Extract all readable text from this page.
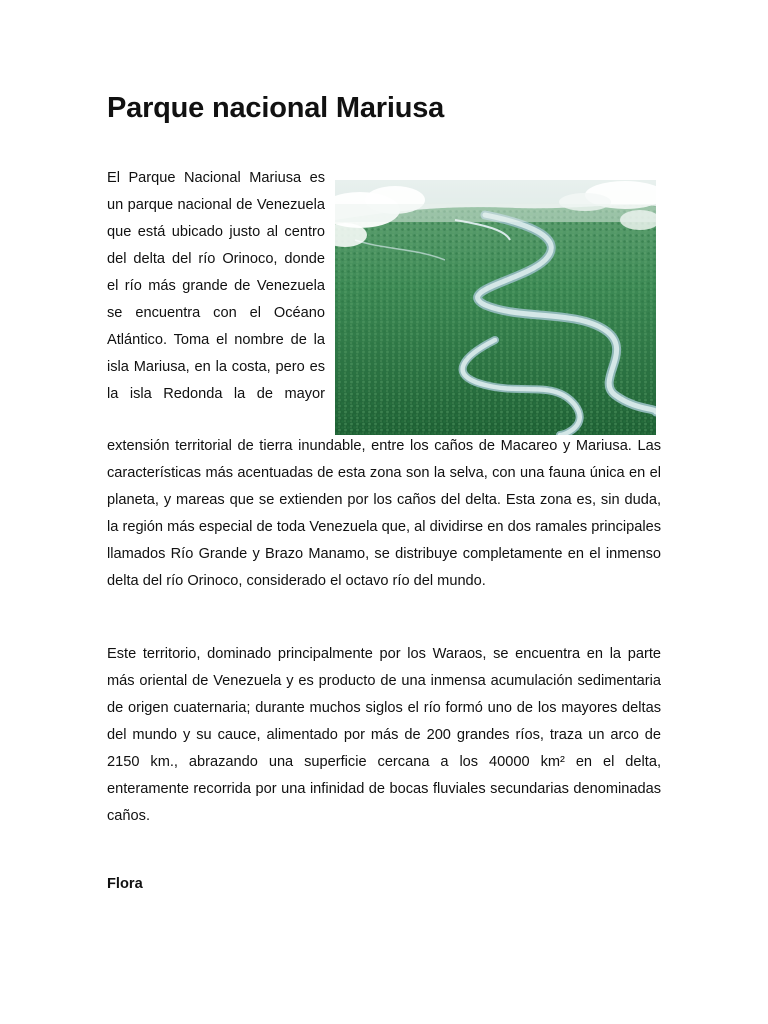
Parque nacional Mariusa

El Parque Nacional Mariusa es un parque nacional de Venezuela que está ubicado justo al centro del delta del río Orinoco, donde el río más grande de Venezuela se encuentra con el Océano Atlántico. Toma el nombre de la isla Mariusa, en la costa, pero es la isla Redonda la de mayor

extensión territorial de tierra inundable, entre los caños de Macareo y Mariusa. Las características más acentuadas de esta zona son la selva, con una fauna única en el planeta, y mareas que se extienden por los caños del delta. Esta zona es, sin duda, la región más especial de toda Venezuela que, al dividirse en dos ramales principales llamados Río Grande y Brazo Manamo, se distribuye completamente en el inmenso delta del río Orinoco, considerado el octavo río del mundo.

Este territorio, dominado principalmente por los Waraos, se encuentra en la parte más oriental de Venezuela y es producto de una inmensa acumulación sedimentaria de origen cuaternaria; durante muchos siglos el río formó uno de los mayores deltas del mundo y su cauce, alimentado por más de 200 grandes ríos, traza un arco de 2150 km., abrazando una superficie cercana a los 40000 km² en el delta, enteramente recorrida por una infinidad de bocas fluviales secundarias denominadas caños.

Flora
